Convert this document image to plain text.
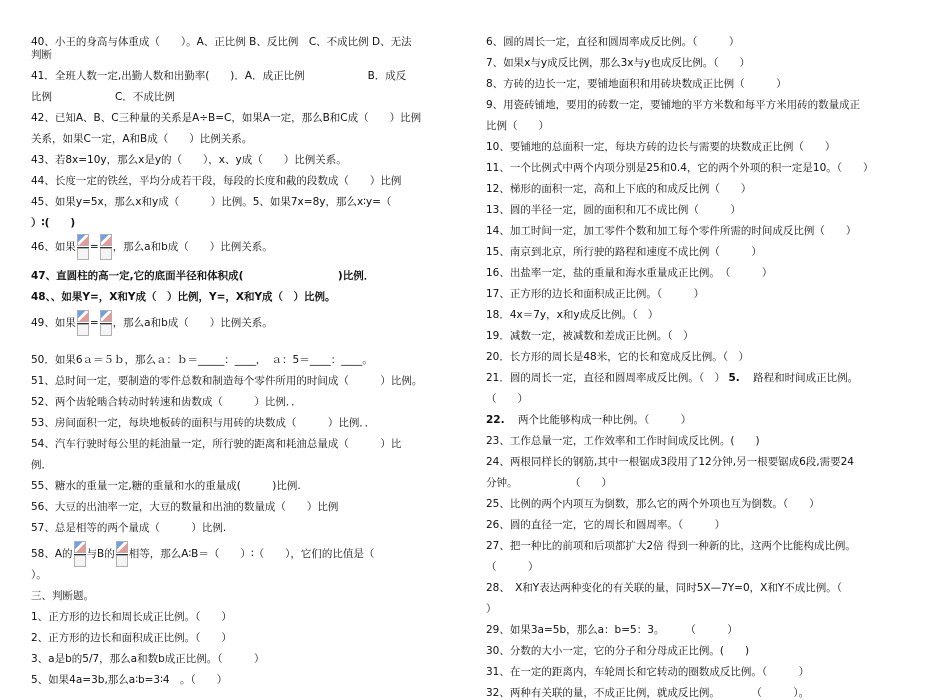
40、小王的身高与体重成（　　）。A、正比例 B、反比例　C、不成比例 D、无法
判断
41．全班人数一定,出勤人数和出勤率(　　)．A．成正比例　　　　　　B．成反
比例　　　　　　C．不成比例
42、已知A、B、C三种量的关系是A÷B=C，如果A一定，那么B和C成（　　）比例
关系，如果C一定，A和B成（　　）比例关系。
43、若8x=10y，那么x是y的（　　），x、y成（　　）比例关系。
44、长度一定的铁丝，平均分成若干段，每段的长度和截的段数成（　　）比例
45、如果y=5x，那么x和y成（　　　）比例。5、如果7x=8y，那么x∶y=（
）∶(　　)
46、如果 = ，那么a和b成（　　）比例关系。
47、直圆柱的高一定,它的底面半径和体积成(　　　　　　　　　)比例．
48、、如果Y=，X和Y成（　）比例，Y=，X和Y成（　）比例。
49、如果 = ，那么a和b成（　　）比例关系。
50．如果6ａ＝５ｂ，那么ａ：ｂ＝_____：____，　ａ：5＝____：____。
51、总时间一定，要制造的零件总数和制造每个零件所用的时间成（　　　）比例。
52、两个齿轮啮合转动时转速和齿数成（　　　）比例．．
53、房间面积一定，每块地板砖的面积与用砖的块数成（　　　）比例．．
54、汽车行驶时每公里的耗油量一定，所行驶的距离和耗油总量成（　　　）比
例．
55、糖水的重量一定,糖的重量和水的重量成(　　　)比例.
56、大豆的出油率一定，大豆的数量和出油的数量成（　　）比例
57、总是相等的两个量成（　　　）比例.
58、A的 与B的 相等，那么A∶B＝（　　）∶（　　），它们的比值是（
）。
三、判断题。
1、正方形的边长和周长成正比例。（　　）
2、正方形的边长和面积成正比例。（　　）
3、a是b的5/7，那么a和数b成正比例。（　　　）
5、如果4a=3b,那么a∶b=3∶4　。（　　）
6、圆的周长一定，直径和圆周率成反比例。（　　　）
7、如果x与y成反比例，那么3x与y也成反比例。（　　）
8、方砖的边长一定，要铺地面积和用砖块数成正比例（　　　）
9、用瓷砖铺地，要用的砖数一定，要铺地的平方米数和每平方米用砖的数量成正
比例（　　）
10、要铺地的总面积一定，每块方砖的边长与需要的块数成正比例（　　）
11、一个比例式中两个内项分别是25和0.4，它的两个外项的积一定是10。（　　）
12、梯形的面积一定，高和上下底的和成反比例（　　）
13、圆的半径一定，圆的面积和兀不成比例（　　　）
14、加工时间一定，加工零件个数和加工每个零件所需的时间成反比例（　　）
15、南京到北京，所行驶的路程和速度不成比例（　　　）
16、出盐率一定，盐的重量和海水重量成正比例。　（　　　）
17、正方形的边长和面积成正比例。（　　　）
18．4x＝7y，x和y成反比例。（　）
19．减数一定，被减数和差成正比例。（　）
20．长方形的周长是48米，它的长和宽成反比例。（　）
21．圆的周长一定，直径和圆周率成反比例。（　） 5. 路程和时间成正比例。
（　　）
22. 两个比能够构成一种比例。（　　　）
23、工作总量一定，工作效率和工作时间成反比例。(　　)
24、两根同样长的钢筋,其中一根锯成3段用了12分钟,另一根要锯成6段,需要24
分钟。　　　　　　（　　）
25、比例的两个内项互为倒数，那么它的两个外项也互为倒数。（　　）
26、圆的直径一定，它的周长和圆周率。（　　　）
27、把一种比的前项和后项都扩大2倍 得到一种新的比，这两个比能构成比例。
（　　　）
28、　X和Y表达两种变化的有关联的量，同时5X—7Y=0，X和Y不成比例。（
）
29、如果3a=5b，那么a：b=5：3。　　　（　　　）
30、分数的大小一定，它的分子和分母成正比例。(　　)
31、在一定的距离内，车轮周长和它转动的圈数成反比例。（　　　）
32、两种有关联的量，不成正比例，就成反比例。　　　　（　　　）。
